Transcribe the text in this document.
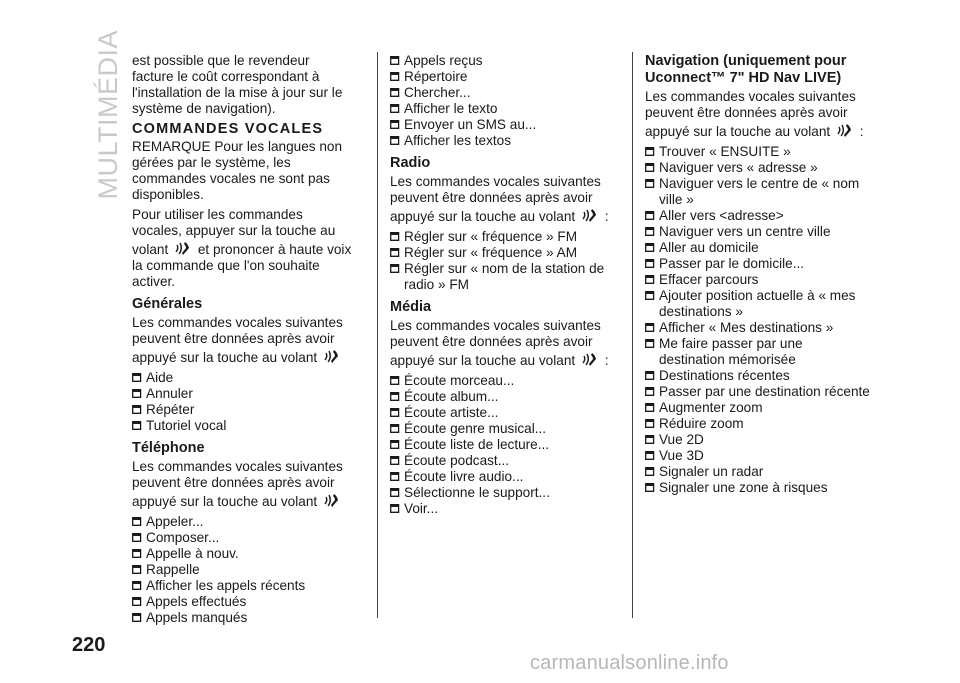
MULTIMÉDIA est possible que le revendeur facture le coût correspondant à l'installation de la mise à jour sur le système de navigation).

COMMANDES VOCALES

REMARQUE Pour les langues non gérées par le système, les commandes vocales ne sont pas disponibles.

Pour utiliser les commandes vocales, appuyer sur la touche au volant et prononcer à haute voix la commande que l'on souhaite activer.

Générales

Les commandes vocales suivantes peuvent être données après avoir appuyé sur la touche au volant

Aide
Annuler
Répéter
Tutoriel vocal
Téléphone

Les commandes vocales suivantes peuvent être données après avoir appuyé sur la touche au volant

Appeler...
Composer...
Appelle à nouv.
Rappelle
Afficher les appels récents
Appels effectués
Appels manqués
Appels reçus
Répertoire
Chercher...
Afficher le texto
Envoyer un SMS au...
Afficher les textos
Radio

Les commandes vocales suivantes peuvent être données après avoir appuyé sur la touche au volant :

Régler sur « fréquence » FM
Régler sur « fréquence » AM
Régler sur « nom de la station de radio » FM
Média

Les commandes vocales suivantes peuvent être données après avoir appuyé sur la touche au volant :

Écoute morceau...
Écoute album...
Écoute artiste...
Écoute genre musical...
Écoute liste de lecture...
Écoute podcast...
Écoute livre audio...
Sélectionne le support...
Voir...
Navigation (uniquement pour Uconnect™ 7" HD Nav LIVE)

Les commandes vocales suivantes peuvent être données après avoir appuyé sur la touche au volant :

Trouver « ENSUITE »
Naviguer vers « adresse »
Naviguer vers le centre de « nom ville »
Aller vers <adresse>
Naviguer vers un centre ville
Aller au domicile
Passer par le domicile...
Effacer parcours
Ajouter position actuelle à « mes destinations »
Afficher « Mes destinations »
Me faire passer par une destination mémorisée
Destinations récentes
Passer par une destination récente
Augmenter zoom
Réduire zoom
Vue 2D
Vue 3D
Signaler un radar
Signaler une zone à risques
220
carmanualsonline.info
